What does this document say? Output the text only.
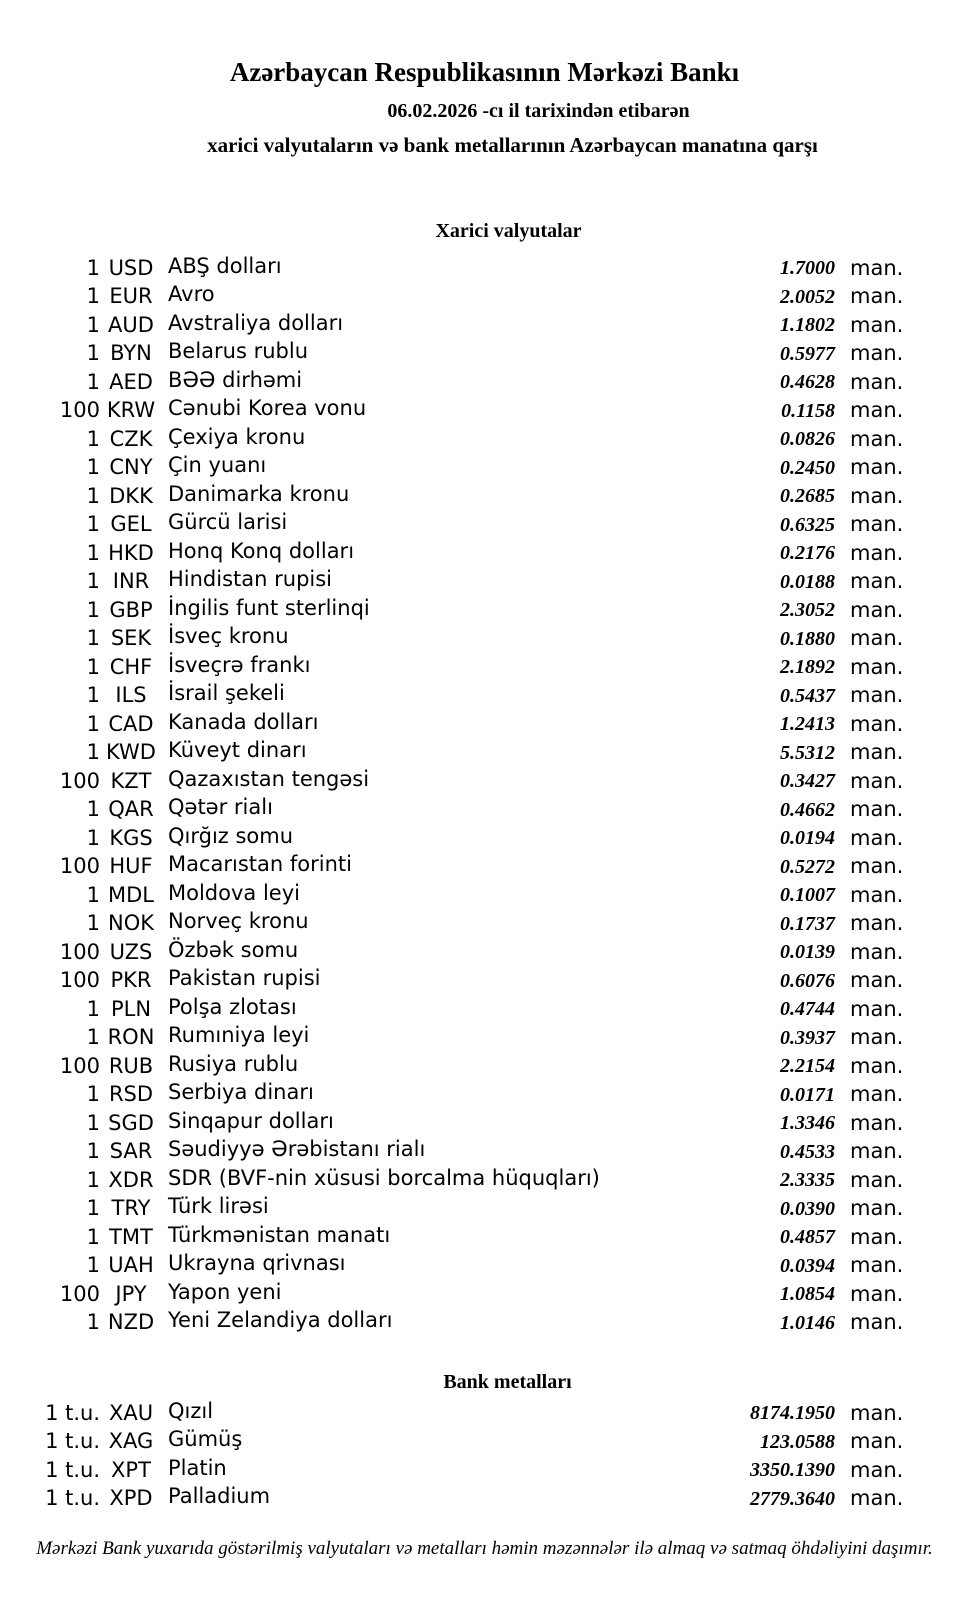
Azərbaycan Respublikasının Mərkəzi Bankı
06.02.2026 -cı il tarixindən etibarən
xarici valyutaların və bank metallarının Azərbaycan manatına qarşı
Xarici valyutalar
1 USD ABŞ dolları	1.7000 man.
1 EUR Avro	2.0052 man.
1 AUD Avstraliya dolları	1.1802 man.
1 BYN Belarus rublu	0.5977 man.
1 AED BƏƏ dirhəmi	0.4628 man.
100 KRW Cənubi Korea vonu	0.1158 man.
1 CZK Çexiya kronu	0.0826 man.
1 CNY Çin yuanı	0.2450 man.
1 DKK Danimarka kronu	0.2685 man.
1 GEL Gürcü larisi	0.6325 man.
1 HKD Honq Konq dolları	0.2176 man.
1 INR Hindistan rupisi	0.0188 man.
1 GBP İngilis funt sterlinqi	2.3052 man.
1 SEK İsveç kronu	0.1880 man.
1 CHF İsveçrə frankı	2.1892 man.
1 ILS	İsrail şekeli	0.5437 man.
1 CAD Kanada dolları	1.2413 man.
1 KWD Küveyt dinarı	5.5312 man.
100 KZT Qazaxıstan tengəsi	0.3427 man.
1 QAR Qətər rialı	0.4662 man.
1 KGS Qırğız somu	0.0194 man.
100 HUF Macarıstan forinti	0.5272 man.
1 MDL Moldova leyi	0.1007 man.
1 NOK Norveç kronu	0.1737 man.
100 UZS Özbək somu	0.0139 man.
100 PKR Pakistan rupisi	0.6076 man.
1 PLN Polşa zlotası	0.4744 man.
1 RON Rumıniya leyi	0.3937 man.
100 RUB Rusiya rublu	2.2154 man.
1 RSD Serbiya dinarı	0.0171 man.
1 SGD Sinqapur dolları	1.3346 man.
1 SAR Səudiyyə Ərəbistanı rialı	0.4533 man.
1 XDR SDR (BVF-nin xüsusi borcalma hüquqları)	2.3335 man.
1 TRY Türk lirəsi	0.0390 man.
1 TMT Türkmənistan manatı	0.4857 man.
1 UAH Ukrayna qrivnası	0.0394 man.
100 JPY	Yapon yeni	1.0854 man.
1 NZD Yeni Zelandiya dolları	1.0146 man.
Bank metalları
1 t.u. XAU Qızıl	8174.1950 man.
1 t.u. XAG Gümüş	123.0588 man.
1 t.u. XPT Platin	3350.1390 man.
1 t.u. XPD Palladium	2779.3640 man.
Mərkəzi Bank yuxarıda göstərilmiş valyutaları və metalları həmin məzənnələr ilə almaq və satmaq öhdəliyini daşımır.
